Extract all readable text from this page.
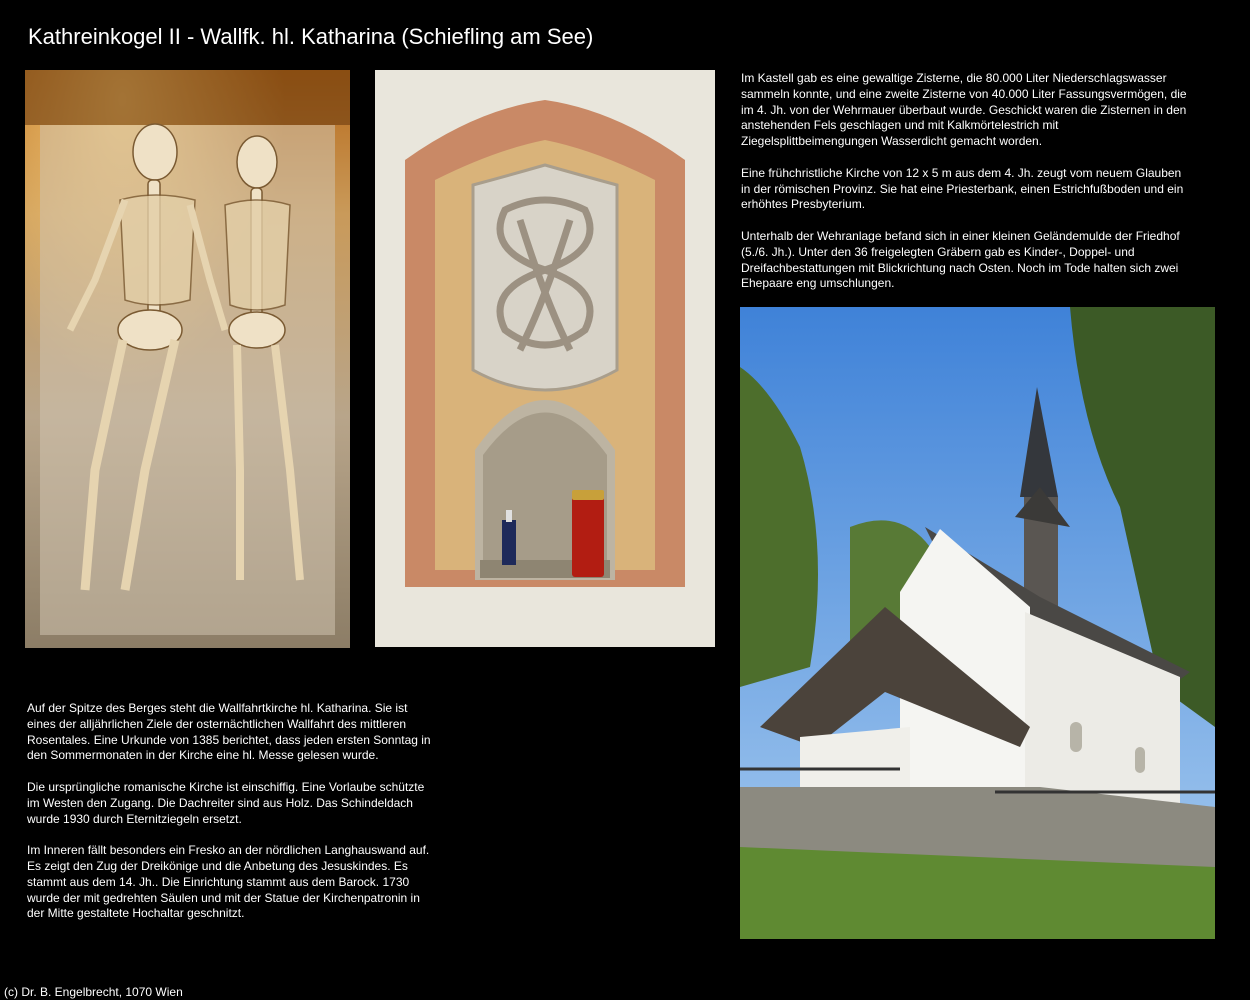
Kathreinkogel II - Wallfk. hl. Katharina (Schiefling am See)

Im Kastell gab es eine gewaltige Zisterne, die 80.000 Liter Niederschlagswasser sammeln konnte, und eine zweite Zisterne von 40.000 Liter Fassungsvermögen, die im 4. Jh. von der Wehrmauer überbaut wurde. Geschickt waren die Zisternen in den anstehenden Fels geschlagen und mit Kalkmörtelestrich mit Ziegelsplittbeimengungen Wasserdicht gemacht worden.

Eine frühchristliche Kirche von 12 x 5 m aus dem 4. Jh. zeugt vom neuem Glauben in der römischen Provinz. Sie hat eine Priesterbank, einen Estrichfußboden und ein erhöhtes Presbyterium.

Unterhalb der Wehranlage befand sich in einer kleinen Geländemulde der Friedhof (5./6. Jh.). Unter den 36 freigelegten Gräbern gab es Kinder-, Doppel- und Dreifachbestattungen mit Blickrichtung nach Osten. Noch im Tode halten sich zwei Ehepaare eng umschlungen.

Auf der Spitze des Berges steht die Wallfahrtkirche hl. Katharina. Sie ist eines der alljährlichen Ziele der osternächtlichen Wallfahrt des mittleren Rosentales. Eine Urkunde von 1385 berichtet, dass jeden ersten Sonntag in den Sommermonaten in der Kirche eine hl. Messe gelesen wurde.

Die ursprüngliche romanische Kirche ist einschiffig. Eine Vorlaube schützte im Westen den Zugang. Die Dachreiter sind aus Holz. Das Schindeldach wurde 1930 durch Eternitziegeln ersetzt.

Im Inneren fällt besonders ein Fresko an der nördlichen Langhauswand auf. Es zeigt den Zug der Dreikönige und die Anbetung des Jesuskindes. Es stammt aus dem 14. Jh.. Die Einrichtung stammt aus dem Barock. 1730 wurde der mit gedrehten Säulen und mit der Statue der Kirchenpatronin in der Mitte gestaltete Hochaltar geschnitzt.

(c) Dr. B. Engelbrecht, 1070 Wien
